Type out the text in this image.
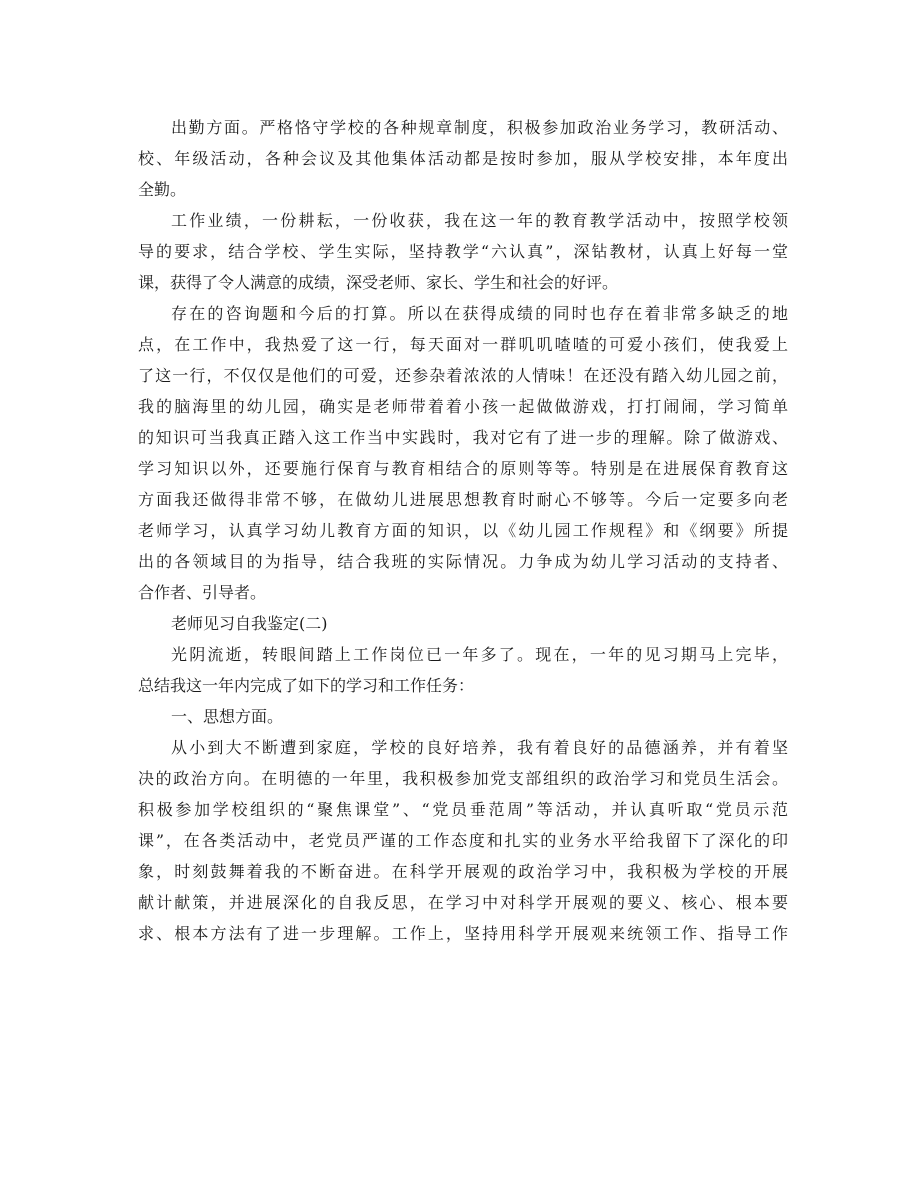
出勤方面。严格恪守学校的各种规章制度，积极参加政治业务学习，教研活动、
校、年级活动，各种会议及其他集体活动都是按时参加，服从学校安排，本年度出
全勤。
工作业绩，一份耕耘，一份收获，我在这一年的教育教学活动中，按照学校领
导的要求，结合学校、学生实际，坚持教学“六认真”，深钻教材，认真上好每一堂
课，获得了令人满意的成绩，深受老师、家长、学生和社会的好评。
存在的咨询题和今后的打算。所以在获得成绩的同时也存在着非常多缺乏的地
点，在工作中，我热爱了这一行，每天面对一群叽叽喳喳的可爱小孩们，使我爱上
了这一行，不仅仅是他们的可爱，还参杂着浓浓的人情味！在还没有踏入幼儿园之前，
我的脑海里的幼儿园，确实是老师带着着小孩一起做做游戏，打打闹闹，学习简单
的知识可当我真正踏入这工作当中实践时，我对它有了进一步的理解。除了做游戏、
学习知识以外，还要施行保育与教育相结合的原则等等。特别是在进展保育教育这
方面我还做得非常不够，在做幼儿进展思想教育时耐心不够等。今后一定要多向老
老师学习，认真学习幼儿教育方面的知识，以《幼儿园工作规程》和《纲要》所提
出的各领域目的为指导，结合我班的实际情况。力争成为幼儿学习活动的支持者、
合作者、引导者。
老师见习自我鉴定(二)
光阴流逝，转眼间踏上工作岗位已一年多了。现在，一年的见习期马上完毕，
总结我这一年内完成了如下的学习和工作任务：
一、思想方面。
从小到大不断遭到家庭，学校的良好培养，我有着良好的品德涵养，并有着坚
决的政治方向。在明德的一年里，我积极参加党支部组织的政治学习和党员生活会。
积极参加学校组织的“聚焦课堂”、“党员垂范周”等活动，并认真听取“党员示范
课”，在各类活动中，老党员严谨的工作态度和扎实的业务水平给我留下了深化的印
象，时刻鼓舞着我的不断奋进。在科学开展观的政治学习中，我积极为学校的开展
献计献策，并进展深化的自我反思，在学习中对科学开展观的要义、核心、根本要
求、根本方法有了进一步理解。工作上，坚持用科学开展观来统领工作、指导工作
